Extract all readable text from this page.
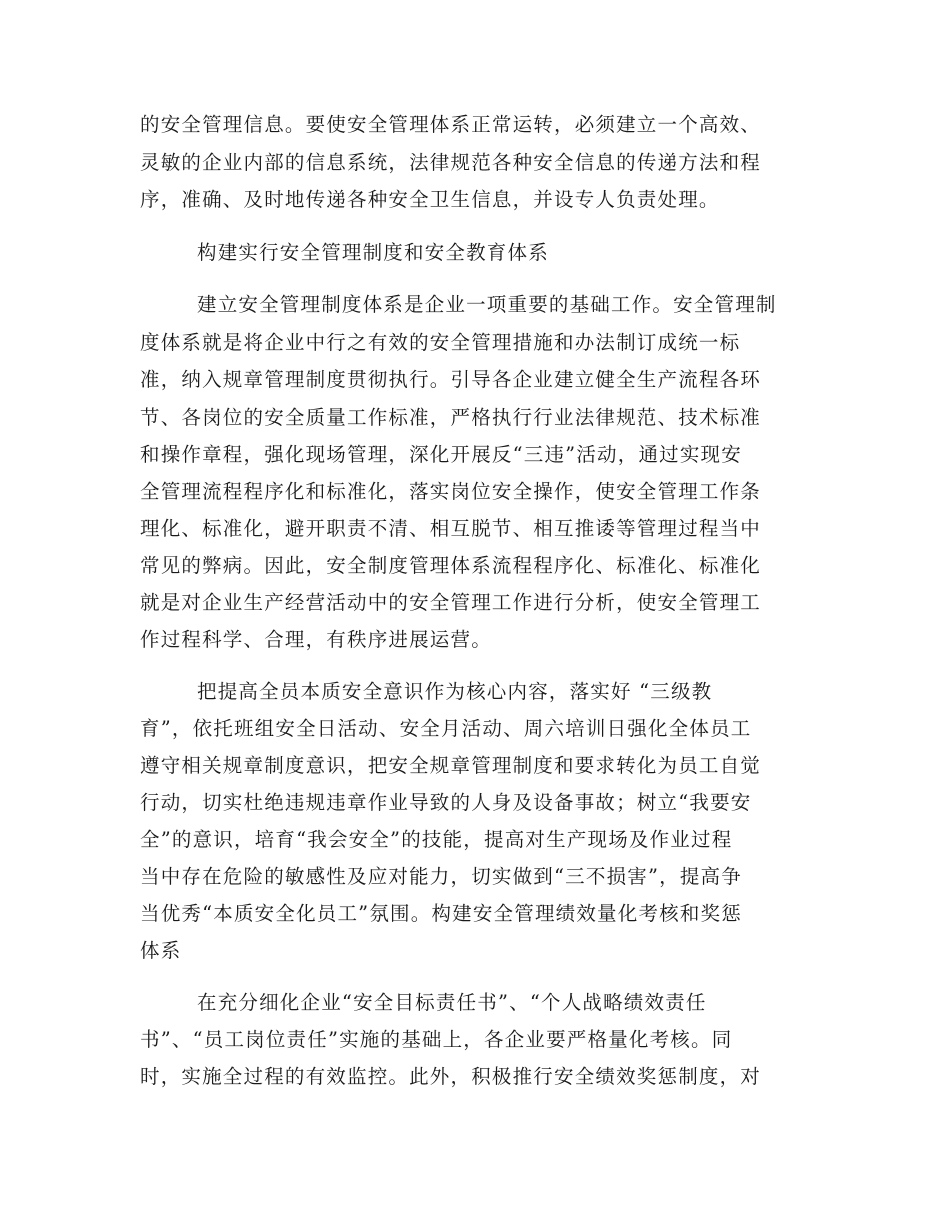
的安全管理信息。要使安全管理体系正常运转，必须建立一个高效、
灵敏的企业内部的信息系统，法律规范各种安全信息的传递方法和程
序，准确、及时地传递各种安全卫生信息，并设专人负责处理。
构建实行安全管理制度和安全教育体系
建立安全管理制度体系是企业一项重要的基础工作。安全管理制
度体系就是将企业中行之有效的安全管理措施和办法制订成统一标
准，纳入规章管理制度贯彻执行。引导各企业建立健全生产流程各环
节、各岗位的安全质量工作标准，严格执行行业法律规范、技术标准
和操作章程，强化现场管理，深化开展反“三违”活动，通过实现安
全管理流程程序化和标准化，落实岗位安全操作，使安全管理工作条
理化、标准化，避开职责不清、相互脱节、相互推诿等管理过程当中
常见的弊病。因此，安全制度管理体系流程程序化、标准化、标准化
就是对企业生产经营活动中的安全管理工作进行分析，使安全管理工
作过程科学、合理，有秩序进展运营。
把提高全员本质安全意识作为核心内容，落实好 “三级教
育”，依托班组安全日活动、安全月活动、周六培训日强化全体员工
遵守相关规章制度意识，把安全规章管理制度和要求转化为员工自觉
行动，切实杜绝违规违章作业导致的人身及设备事故；树立“我要安
全”的意识，培育“我会安全”的技能，提高对生产现场及作业过程
当中存在危险的敏感性及应对能力，切实做到“三不损害”，提高争
当优秀“本质安全化员工”氛围。构建安全管理绩效量化考核和奖惩
体系
在充分细化企业“安全目标责任书”、“个人战略绩效责任
书”、“员工岗位责任”实施的基础上，各企业要严格量化考核。同
时，实施全过程的有效监控。此外，积极推行安全绩效奖惩制度，对
